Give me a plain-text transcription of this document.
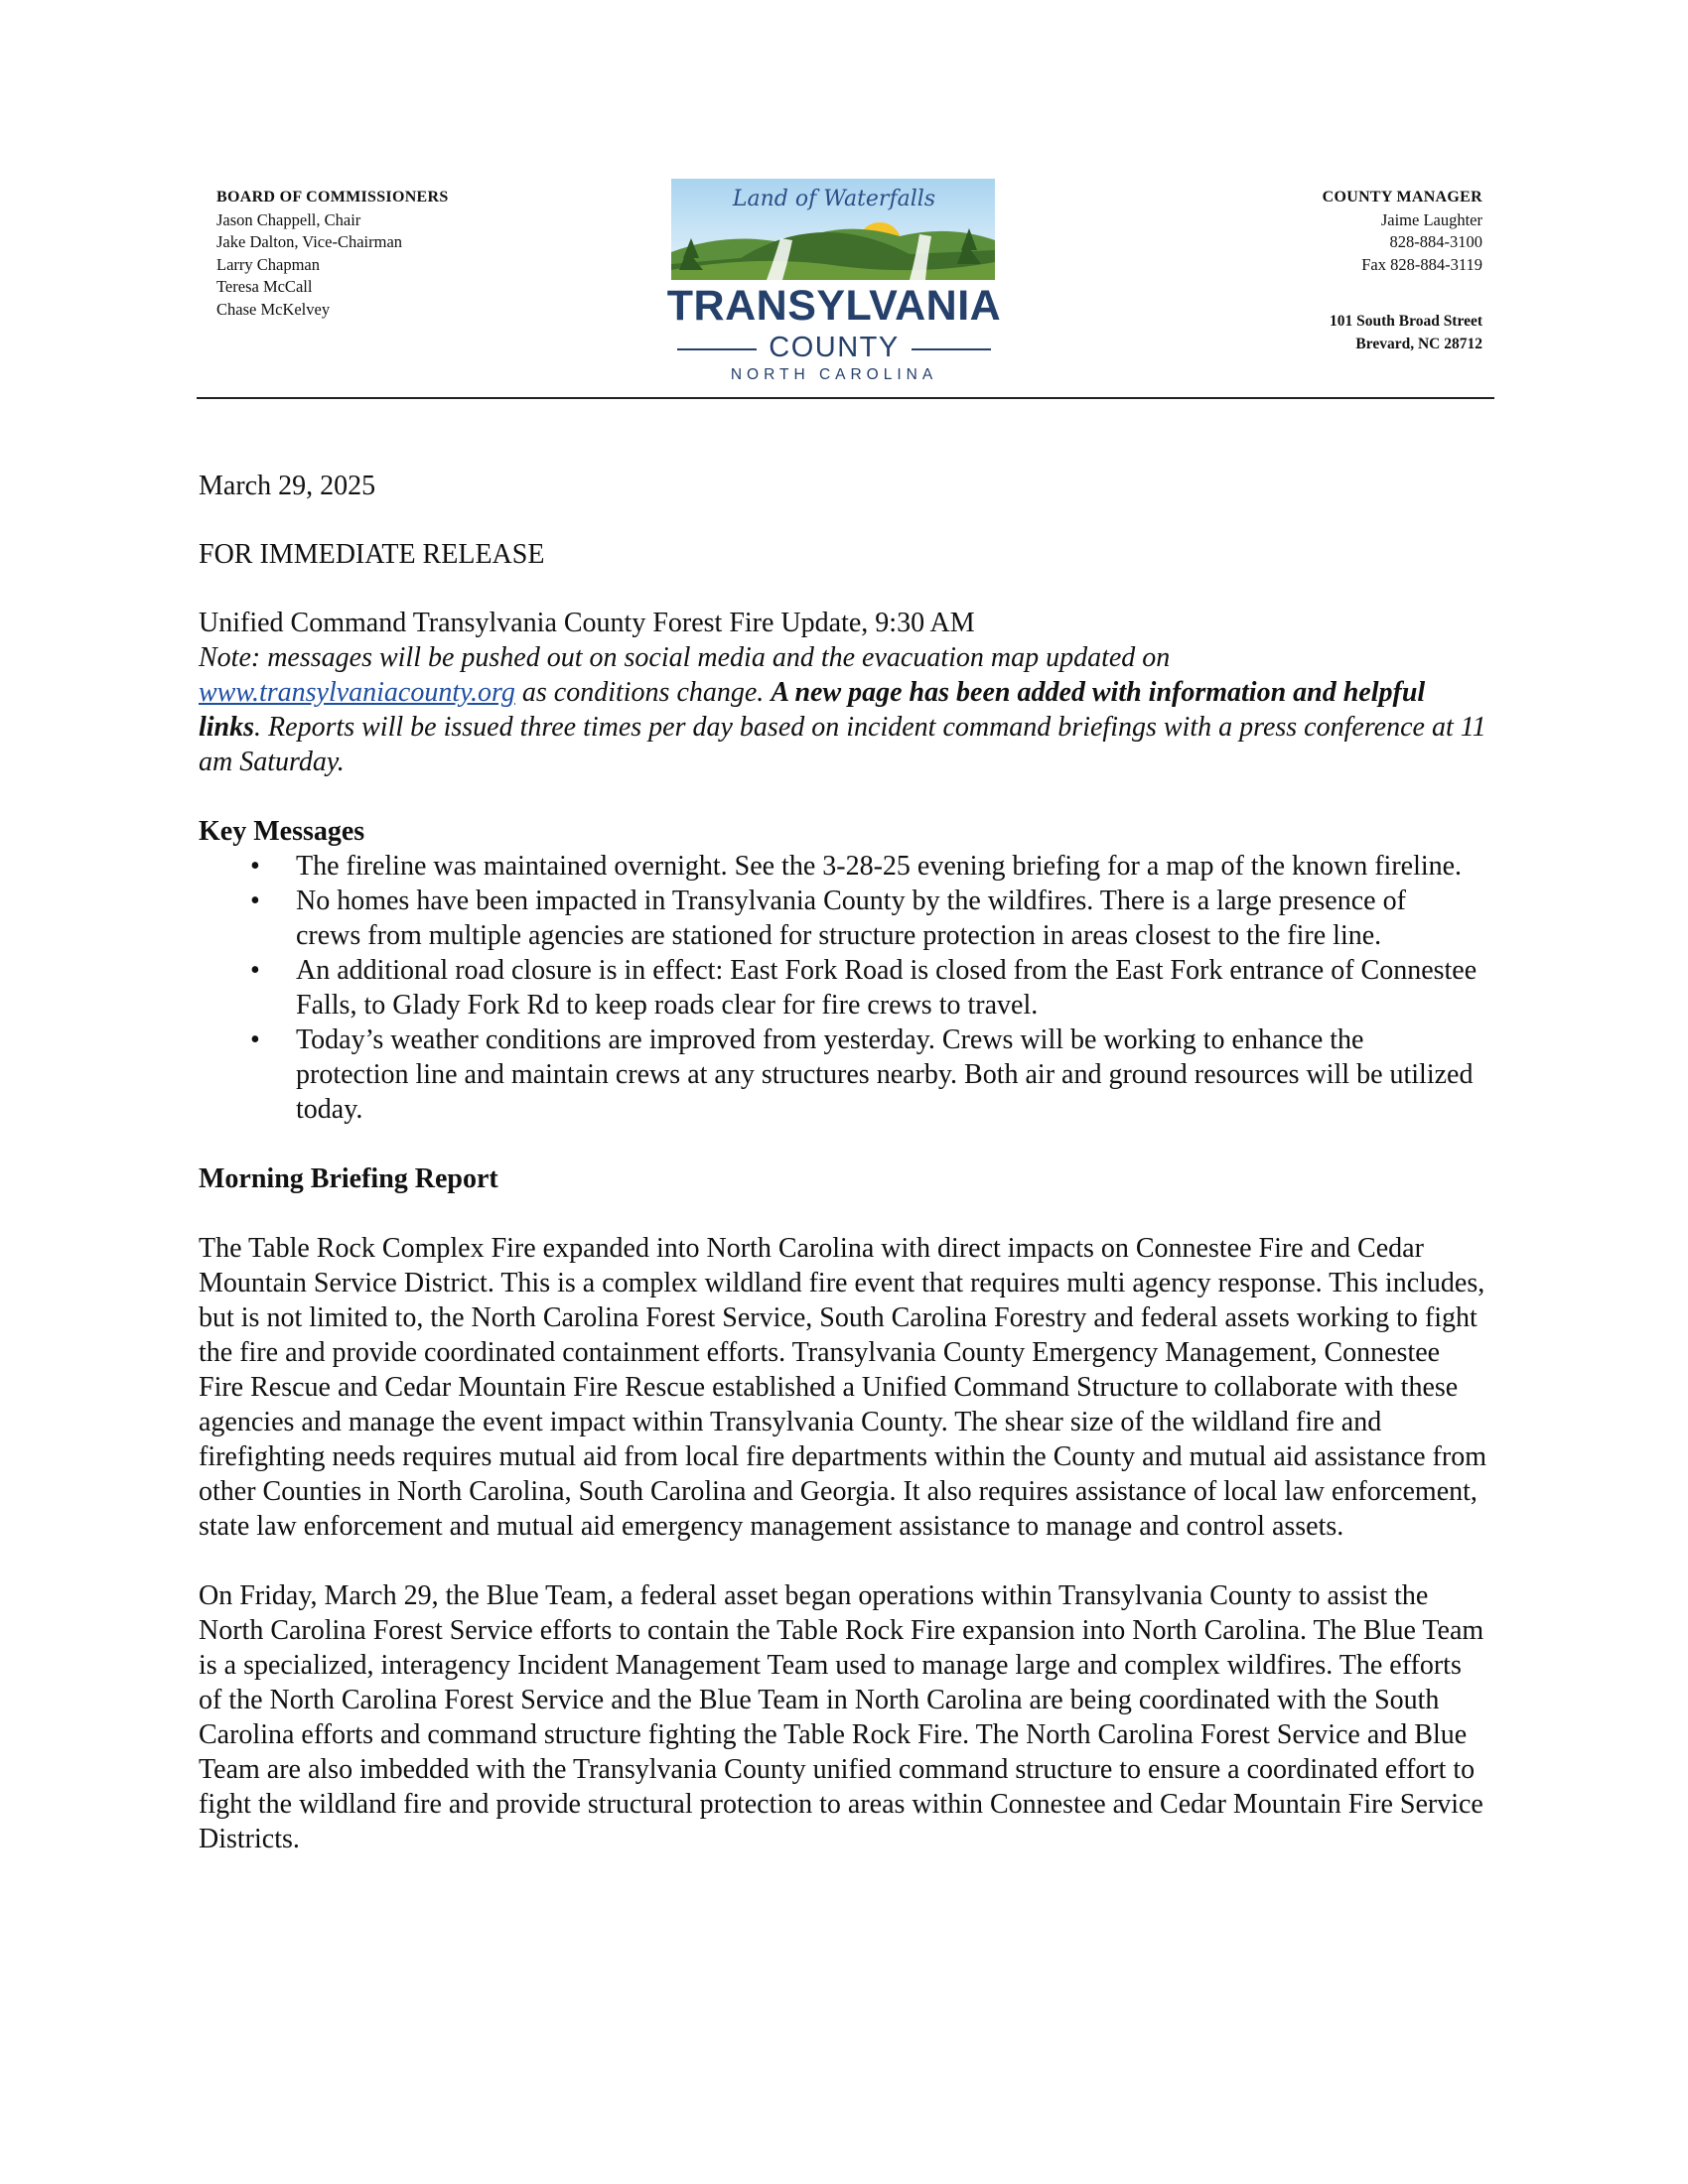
BOARD OF COMMISSIONERS
Jason Chappell, Chair
Jake Dalton, Vice-Chairman
Larry Chapman
Teresa McCall
Chase McKelvey
Land of Waterfalls
TRANSYLVANIA
COUNTY
NORTH CAROLINA
COUNTY MANAGER
Jaime Laughter
828-884-3100
Fax 828-884-3119
101 South Broad Street
Brevard, NC 28712

March 29, 2025

FOR IMMEDIATE RELEASE

Unified Command Transylvania County Forest Fire Update, 9:30 AM

Note: messages will be pushed out on social media and the evacuation map updated on
www.transylvaniacounty.org as conditions change. A new page has been added with information and helpful links. Reports will be issued three times per day based on incident command briefings with a press conference at 11 am Saturday.

Key Messages

• The fireline was maintained overnight. See the 3-28-25 evening briefing for a map of the known fireline.
• No homes have been impacted in Transylvania County by the wildfires. There is a large presence of crews from multiple agencies are stationed for structure protection in areas closest to the fire line.
• An additional road closure is in effect: East Fork Road is closed from the East Fork entrance of Connestee Falls, to Glady Fork Rd to keep roads clear for fire crews to travel.
• Today’s weather conditions are improved from yesterday. Crews will be working to enhance the protection line and maintain crews at any structures nearby. Both air and ground resources will be utilized today.

Morning Briefing Report

The Table Rock Complex Fire expanded into North Carolina with direct impacts on Connestee Fire and Cedar Mountain Service District. This is a complex wildland fire event that requires multi agency response. This includes, but is not limited to, the North Carolina Forest Service, South Carolina Forestry and federal assets working to fight the fire and provide coordinated containment efforts. Transylvania County Emergency Management, Connestee Fire Rescue and Cedar Mountain Fire Rescue established a Unified Command Structure to collaborate with these agencies and manage the event impact within Transylvania County. The shear size of the wildland fire and firefighting needs requires mutual aid from local fire departments within the County and mutual aid assistance from other Counties in North Carolina, South Carolina and Georgia. It also requires assistance of local law enforcement, state law enforcement and mutual aid emergency management assistance to manage and control assets.

On Friday, March 29, the Blue Team, a federal asset began operations within Transylvania County to assist the North Carolina Forest Service efforts to contain the Table Rock Fire expansion into North Carolina. The Blue Team is a specialized, interagency Incident Management Team used to manage large and complex wildfires. The efforts of the North Carolina Forest Service and the Blue Team in North Carolina are being coordinated with the South Carolina efforts and command structure fighting the Table Rock Fire. The North Carolina Forest Service and Blue Team are also imbedded with the Transylvania County unified command structure to ensure a coordinated effort to fight the wildland fire and provide structural protection to areas within Connestee and Cedar Mountain Fire Service Districts.
